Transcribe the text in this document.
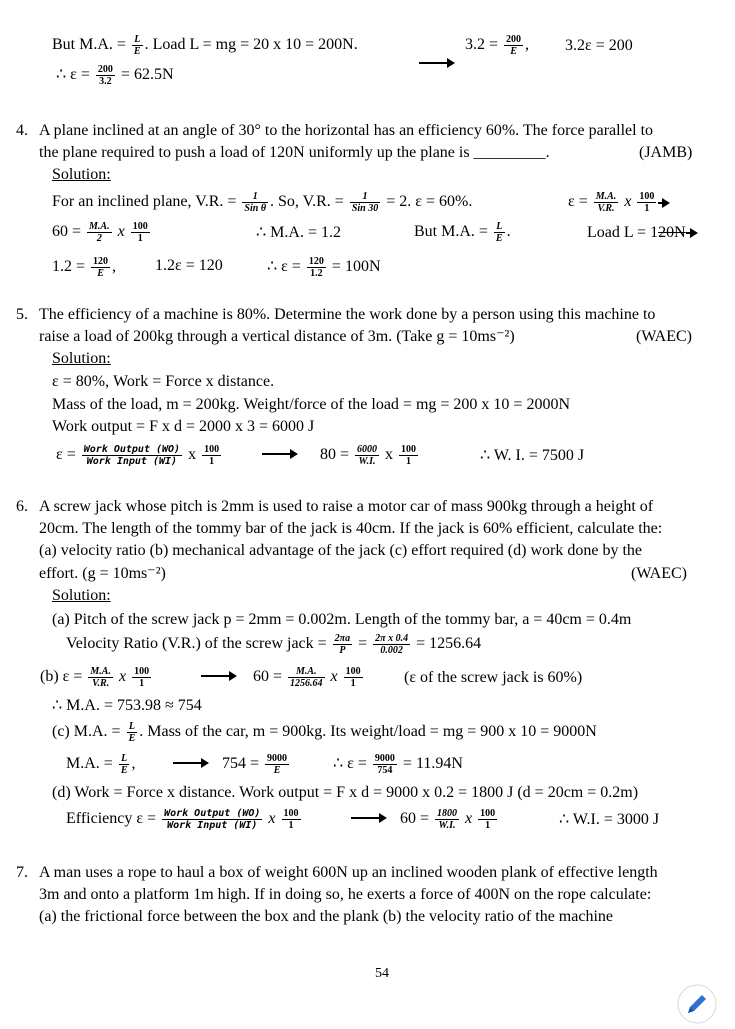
But M.A. = $\frac{L}{E}$ . Load L = mg = 20 x 10 = 200N.	$3.2 = \frac{200}{E}$ , 3.2ε = 200
∴ $\varepsilon = \frac{200}{3.2} = 62.5N$
4. A plane inclined at an angle of 30° to the horizontal has an efficiency 60%. The force parallel to
the plane required to push a load of 120N uniformly up the plane is _________.	(JAMB)
Solution:
For an inclined plane, V.R. =	1
Sin θ . So, V.R. =	1
Sin 30 = 2. ε = 60%.	$\varepsilon = \frac{M.A.}{V.R.}$ x $\frac{100}{1}$
$60 = \frac{M.A.}{2}$ x $\frac{100}{1}$	∴ M.A. = 1.2	But M.A. = $\frac{L}{E}$ .	Load L = 120N
$1.2 = \frac{120}{E}$ , 1.2ε = 120	∴ $\varepsilon = \frac{120}{1.2} = 100N$
5. The efficiency of a machine is 80%. Determine the work done by a person using this machine to
raise a load of 200kg through a vertical distance of 3m. (Take g = 10ms⁻²)	(WAEC)
Solution:
ε = 80%, Work = Force x distance.
Mass of the load, m = 200kg. Weight/force of the load = mg = 200 x 10 = 2000N
Work output = F x d = 2000 x 3 = 6000 J
ε = Work Output (WO)
Work Input (WI) x $\frac{100}{1}$	$80 = \frac{6000}{W.I.}$ x $\frac{100}{1}$	∴ W. I. = 7500 J
6. A screw jack whose pitch is 2mm is used to raise a motor car of mass 900kg through a height of
20cm. The length of the tommy bar of the jack is 40cm. If the jack is 60% efficient, calculate the:
(a) velocity ratio (b) mechanical advantage of the jack (c) effort required (d) work done by the
effort. (g = 10ms⁻²)	(WAEC)
Solution:
(a) Pitch of the screw jack p = 2mm = 0.002m. Length of the tommy bar, a = 40cm = 0.4m
Velocity Ratio (V.R.) of the screw jack = $\frac{2\pi a}{P} = \frac{\text{2π x 0.4}}{0.002} = 1256.64$
(b) $\varepsilon = \frac{M.A.}{V.R.}$ x $\frac{100}{1}$	$60 = \frac{M.A.}{1256.64}$ x $\frac{100}{1}$	(ε of the screw jack is 60%)
∴ M.A. = 753.98 ≈ 754
(c) M.A. = $\frac{L}{E}$ . Mass of the car, m = 900kg. Its weight/load = mg = 900 x 10 = 9000N
M.A. = $\frac{L}{E}$ ,	$754 = \frac{9000}{E}$	∴ $\varepsilon = \frac{9000}{754} = 11.94N$
(d) Work = Force x distance. Work output = F x d = 9000 x 0.2 = 1800 J (d = 20cm = 0.2m)
Efficiency ε = Work Output (WO)
Work Input (WI) x $\frac{100}{1}$	$60 = \frac{1800}{W.I.}$ x $\frac{100}{1}$	∴ W.I. = 3000 J
7. A man uses a rope to haul a box of weight 600N up an inclined wooden plank of effective length
3m and onto a platform 1m high. If in doing so, he exerts a force of 400N on the rope calculate:
(a) the frictional force between the box and the plank (b) the velocity ratio of the machine
54
